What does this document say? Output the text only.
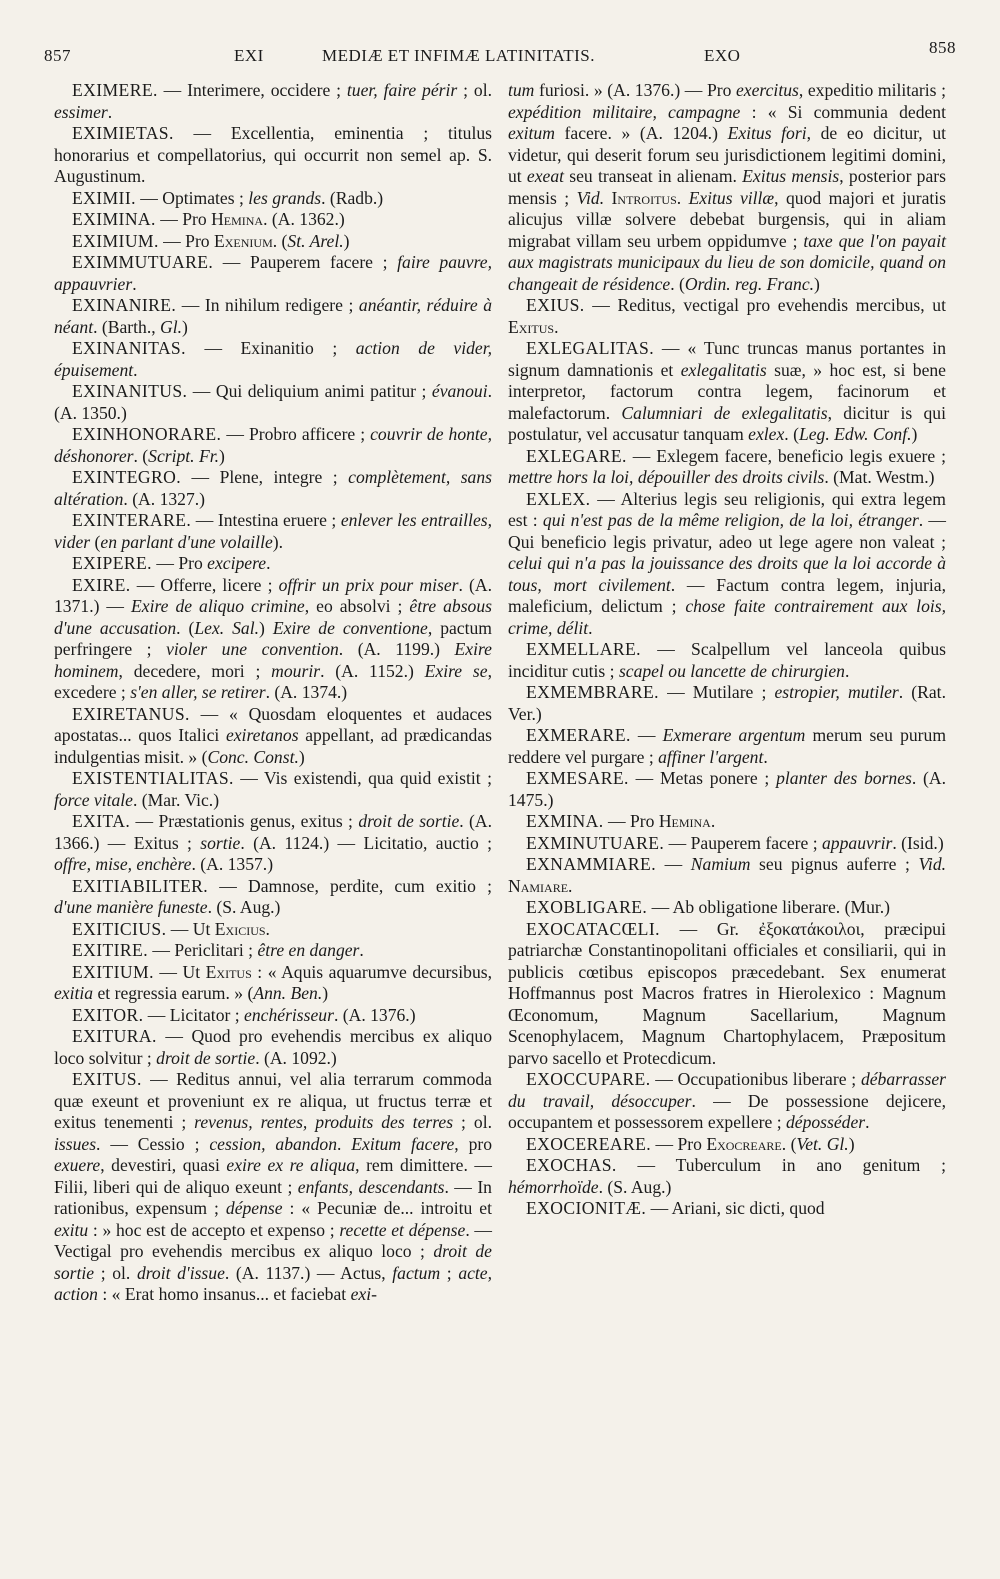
857	EXI	MEDIÆ ET INFIMÆ LATINITATIS.	EXO	858

EXIMERE. — Interimere, occidere ; tuer, faire périr ; ol. essimer.

EXIMIETAS. — Excellentia, eminentia ; titulus honorarius et compellatorius, qui occurrit non semel ap. S. Augustinum.

EXIMII. — Optimates ; les grands. (Radb.)

EXIMINA. — Pro Hemina. (A. 1362.)

EXIMIUM. — Pro Exenium. (St. Arel.)

EXIMMUTUARE. — Pauperem facere ; faire pauvre, appauvrier.

EXINANIRE. — In nihilum redigere ; anéantir, réduire à néant. (Barth., Gl.)

EXINANITAS. — Exinanitio ; action de vider, épuisement.

EXINANITUS. — Qui deliquium animi patitur ; évanoui. (A. 1350.)

EXINHONORARE. — Probro afficere ; couvrir de honte, déshonorer. (Script. Fr.)

EXINTEGRO. — Plene, integre ; complètement, sans altération. (A. 1327.)

EXINTERARE. — Intestina eruere ; enlever les entrailles, vider (en parlant d'une volaille).

EXIPERE. — Pro excipere.

EXIRE. — Offerre, licere ; offrir un prix pour miser. (A. 1371.) — Exire de aliquo crimine, eo absolvi ; être absous d'une accusation. (Lex. Sal.) Exire de conventione, pactum perfringere ; violer une convention. (A. 1199.) Exire hominem, decedere, mori ; mourir. (A. 1152.) Exire se, excedere ; s'en aller, se retirer. (A. 1374.)

EXIRETANUS. — « Quosdam eloquentes et audaces apostatas... quos Italici exiretanos appellant, ad prædicandas indulgentias misit. » (Conc. Const.)

EXISTENTIALITAS. — Vis existendi, qua quid existit ; force vitale. (Mar. Vic.)

EXITA. — Præstationis genus, exitus ; droit de sortie. (A. 1366.) — Exitus ; sortie. (A. 1124.) — Licitatio, auctio ; offre, mise, enchère. (A. 1357.)

EXITIABILITER. — Damnose, perdite, cum exitio ; d'une manière funeste. (S. Aug.)

EXITICIUS. — Ut Exicius.

EXITIRE. — Periclitari ; être en danger.

EXITIUM. — Ut Exitus : « Aquis aquarumve decursibus, exitia et regressia earum. » (Ann. Ben.)

EXITOR. — Licitator ; enchérisseur. (A. 1376.)

EXITURA. — Quod pro evehendis mercibus ex aliquo loco solvitur ; droit de sortie. (A. 1092.)

EXITUS. — Reditus annui, vel alia terrarum commoda quæ exeunt et proveniunt ex re aliqua, ut fructus terræ et exitus tenementi ; revenus, rentes, produits des terres ; ol. issues. — Cessio ; cession, abandon. Exitum facere, pro exuere, devestiri, quasi exire ex re aliqua, rem dimittere. — Filii, liberi qui de aliquo exeunt ; enfants, descendants. — In rationibus, expensum ; dépense : « Pecuniæ de... introitu et exitu : » hoc est de accepto et expenso ; recette et dépense. — Vectigal pro evehendis mercibus ex aliquo loco ; droit de sortie ; ol. droit d'issue. (A. 1137.) — Actus, factum ; acte, action : « Erat homo insanus... et faciebat exi-

tum furiosi. » (A. 1376.) — Pro exercitus, expeditio militaris ; expédition militaire, campagne : « Si communia dedent exitum facere. » (A. 1204.) Exitus fori, de eo dicitur, ut videtur, qui deserit forum seu jurisdictionem legitimi domini, ut exeat seu transeat in alienam. Exitus mensis, posterior pars mensis ; Vid. Introitus. Exitus villæ, quod majori et juratis alicujus villæ solvere debebat burgensis, qui in aliam migrabat villam seu urbem oppidumve ; taxe que l'on payait aux magistrats municipaux du lieu de son domicile, quand on changeait de résidence. (Ordin. reg. Franc.)

EXIUS. — Reditus, vectigal pro evehendis mercibus, ut Exitus.

EXLEGALITAS. — « Tunc truncas manus portantes in signum damnationis et exlegalitatis suæ, » hoc est, si bene interpretor, factorum contra legem, facinorum et malefactorum. Calumniari de exlegalitatis, dicitur is qui postulatur, vel accusatur tanquam exlex. (Leg. Edw. Conf.)

EXLEGARE. — Exlegem facere, beneficio legis exuere ; mettre hors la loi, dépouiller des droits civils. (Mat. Westm.)

EXLEX. — Alterius legis seu religionis, qui extra legem est : qui n'est pas de la même religion, de la loi, étranger. — Qui beneficio legis privatur, adeo ut lege agere non valeat ; celui qui n'a pas la jouissance des droits que la loi accorde à tous, mort civilement. — Factum contra legem, injuria, maleficium, delictum ; chose faite contrairement aux lois, crime, délit.

EXMELLARE. — Scalpellum vel lanceola quibus inciditur cutis ; scapel ou lancette de chirurgien.

EXMEMBRARE. — Mutilare ; estropier, mutiler. (Rat. Ver.)

EXMERARE. — Exmerare argentum merum seu purum reddere vel purgare ; affiner l'argent.

EXMESARE. — Metas ponere ; planter des bornes. (A. 1475.)

EXMINA. — Pro Hemina.

EXMINUTUARE. — Pauperem facere ; appauvrir. (Isid.)

EXNAMMIARE. — Namium seu pignus auferre ; Vid. Namiare.

EXOBLIGARE. — Ab obligatione liberare. (Mur.)

EXOCATACŒLI. — Gr. ἐξοκατάκοιλοι, præcipui patriarchæ Constantinopolitani officiales et consiliarii, qui in publicis cœtibus episcopos præcedebant. Sex enumerat Hoffmannus post Macros fratres in Hierolexico : Magnum Œconomum, Magnum Sacellarium, Magnum Scenophylacem, Magnum Chartophylacem, Præpositum parvo sacello et Protecdicum.

EXOCCUPARE. — Occupationibus liberare ; débarrasser du travail, désoccuper. — De possessione dejicere, occupantem et possessorem expellere ; déposséder.

EXOCEREARE. — Pro Exocreare. (Vet. Gl.)

EXOCHAS. — Tuberculum in ano genitum ; hémorrhoïde. (S. Aug.)

EXOCIONITÆ. — Ariani, sic dicti, quod
